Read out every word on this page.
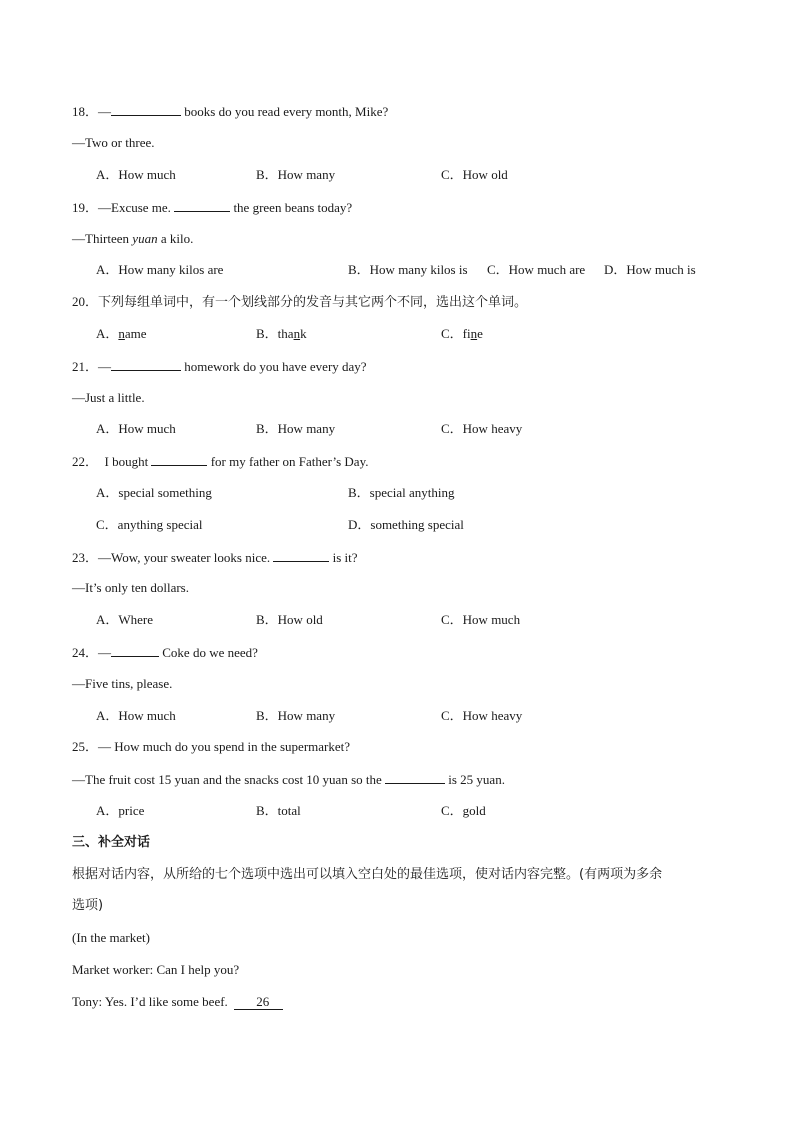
18．—	books do you read every month, Mike?
—Two or three.
A．How much	B．How many	C．How old
19．—Excuse me.	the green beans today?
—Thirteen yuan a kilo.
A．How many kilos are	B．How many kilos is C．How much are D．How much is
20．下列每组单词中，有一个划线部分的发音与其它两个不同，选出这个单词。
A．name	B．thank	C．fine
21．—	homework do you have every day?
—Just a little.
A．How much	B．How many	C．How heavy
22． I bought	for my father on Father’s Day.
A．special something	B．special anything
C．anything special	D．something special
23．—Wow, your sweater looks nice.	is it?
—It’s only ten dollars.
A．Where	B．How old	C．How much
24．—	Coke do we need?
—Five tins, please.
A．How much	B．How many	C．How heavy
25．— How much do you spend in the supermarket?
—The fruit cost 15 yuan and the snacks cost 10 yuan so the	is 25 yuan.
A．price	B．total	C．gold
三、补全对话
根据对话内容，从所给的七个选项中选出可以填入空白处的最佳选项，使对话内容完整。(有两项为多余
选项)
(In the market)
Market worker: Can I help you?
Tony: Yes. I’d like some beef. 26
